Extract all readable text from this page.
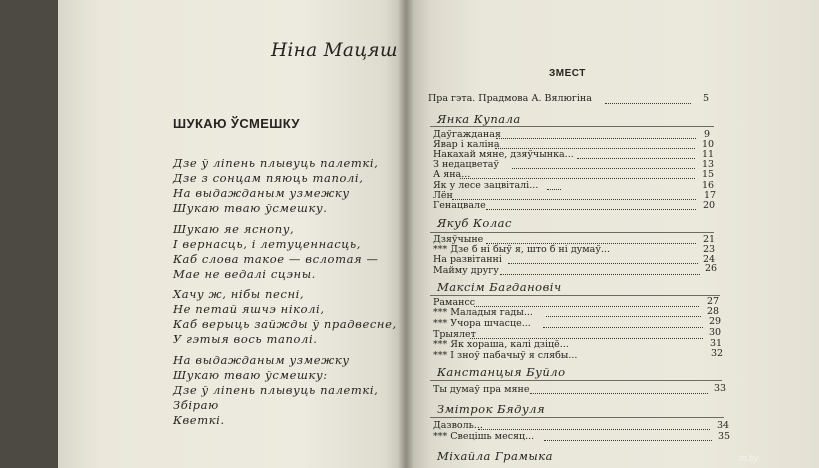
Ніна Мацяш
ШУКАЮ ЎСМЕШКУ
Дзе ў ліпень плывуць палеткі,
Дзе з сонцам пяюць таполі,
На выдажданым узмежку
Шукаю тваю ўсмешку.
Шукаю яе яснопу,
І вернасць, і летуценнасць,
Каб слова такое — вслотая —
Мае не ведалі сцэны.
Хачу ж, нібы песні,
Не петай яшчэ ніколі,
Каб верыць зайжды ў прадвесне,
У гэтыя вось таполі.
На выдажданым узмежку
Шукаю тваю ўсмешку:
Дзе ў ліпень плывуць палеткі,
Збіраю
Кветкі.
ЗМЕСТ
Пра гэта. Прадмова А. Вялюгіна	5
Янка Купала
Даўгажданая	9
Явар і каліна	10
Накахай мяне, дзяўчынка...	11
З недацветаў	13
А яна...	15
Як у лесе зацвіталі...	16
Лён	17
Генацвале	20
Якуб Колас
Дзяўчыне	21
*** Дзе б ні быў я, што б ні думаў...	23
На развітанні	24
Майму другу	26
Максім Багдановіч
Рамансс	27
*** Маладыя гады...	28
*** Учора шчасце...	29
Трыялет	30
*** Як хораша, калі дзіцё...	31
*** І зноў пабачыў я слябы...	32
Канстанцыя Буйло
Ты думаў пра мяне	33
Змітрок Бядуля
Дазволь...	34
*** Свецішь месяц...	35
Міхайла Грамыка	m.by
